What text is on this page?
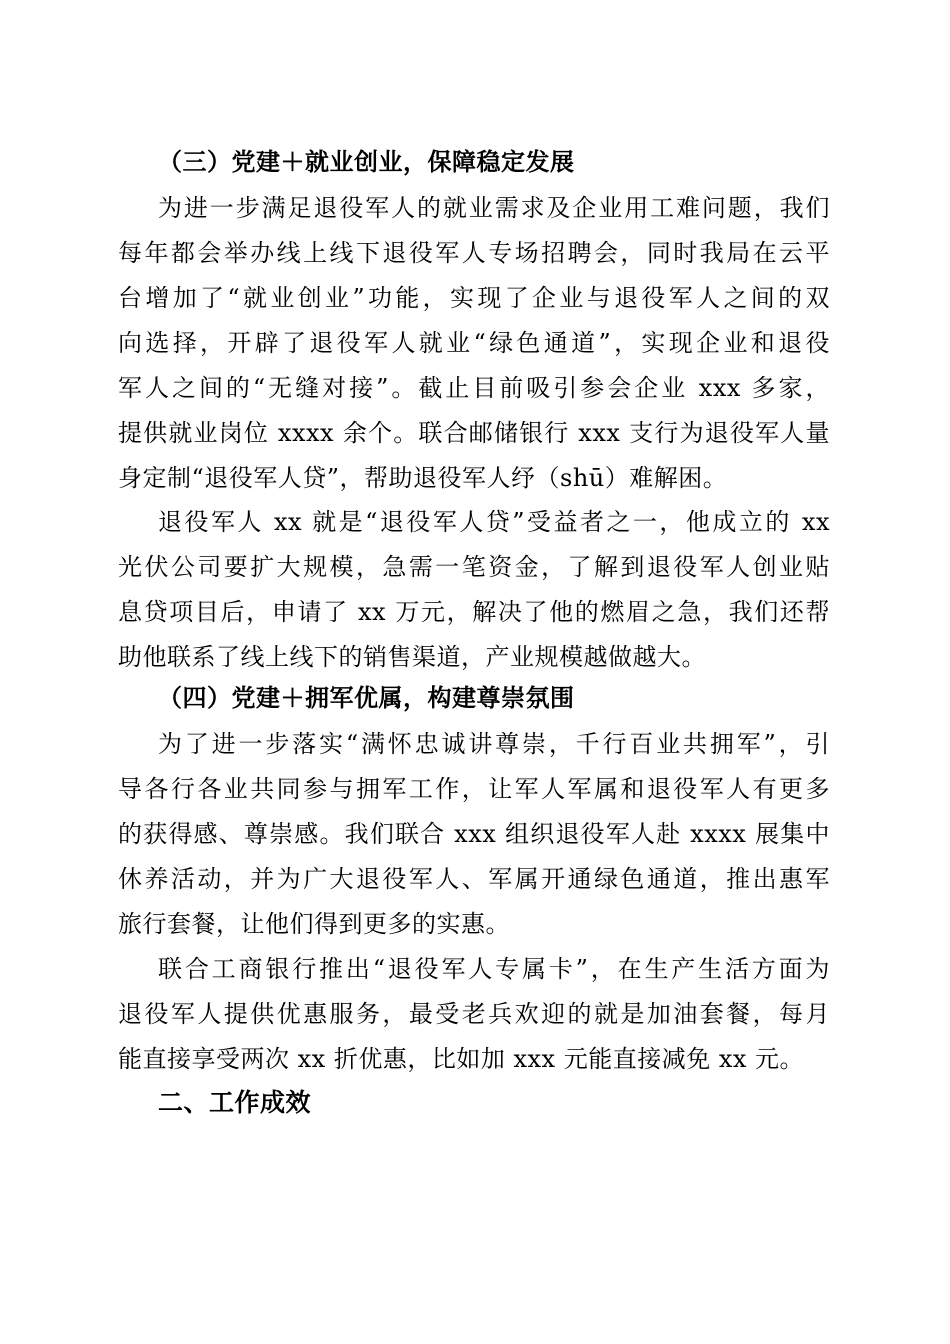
（三）党建＋就业创业，保障稳定发展
为进一步满足退役军人的就业需求及企业用工难问题，我们
每年都会举办线上线下退役军人专场招聘会，同时我局在云平
台增加了“就业创业”功能，实现了企业与退役军人之间的双
向选择，开辟了退役军人就业“绿色通道”，实现企业和退役
军人之间的“无缝对接”。截止目前吸引参会企业 xxx 多家，
提供就业岗位 xxxx 余个。联合邮储银行 xxx 支行为退役军人量
身定制“退役军人贷”，帮助退役军人纾（shū）难解困。
退役军人 xx 就是“退役军人贷”受益者之一，他成立的 xx
光伏公司要扩大规模，急需一笔资金，了解到退役军人创业贴
息贷项目后，申请了 xx 万元，解决了他的燃眉之急，我们还帮
助他联系了线上线下的销售渠道，产业规模越做越大。
（四）党建＋拥军优属，构建尊崇氛围
为了进一步落实“满怀忠诚讲尊崇，千行百业共拥军”，引
导各行各业共同参与拥军工作，让军人军属和退役军人有更多
的获得感、尊崇感。我们联合 xxx 组织退役军人赴 xxxx 展集中
休养活动，并为广大退役军人、军属开通绿色通道，推出惠军
旅行套餐，让他们得到更多的实惠。
联合工商银行推出“退役军人专属卡”，在生产生活方面为
退役军人提供优惠服务，最受老兵欢迎的就是加油套餐，每月
能直接享受两次 xx 折优惠，比如加 xxx 元能直接减免 xx 元。
二、工作成效
